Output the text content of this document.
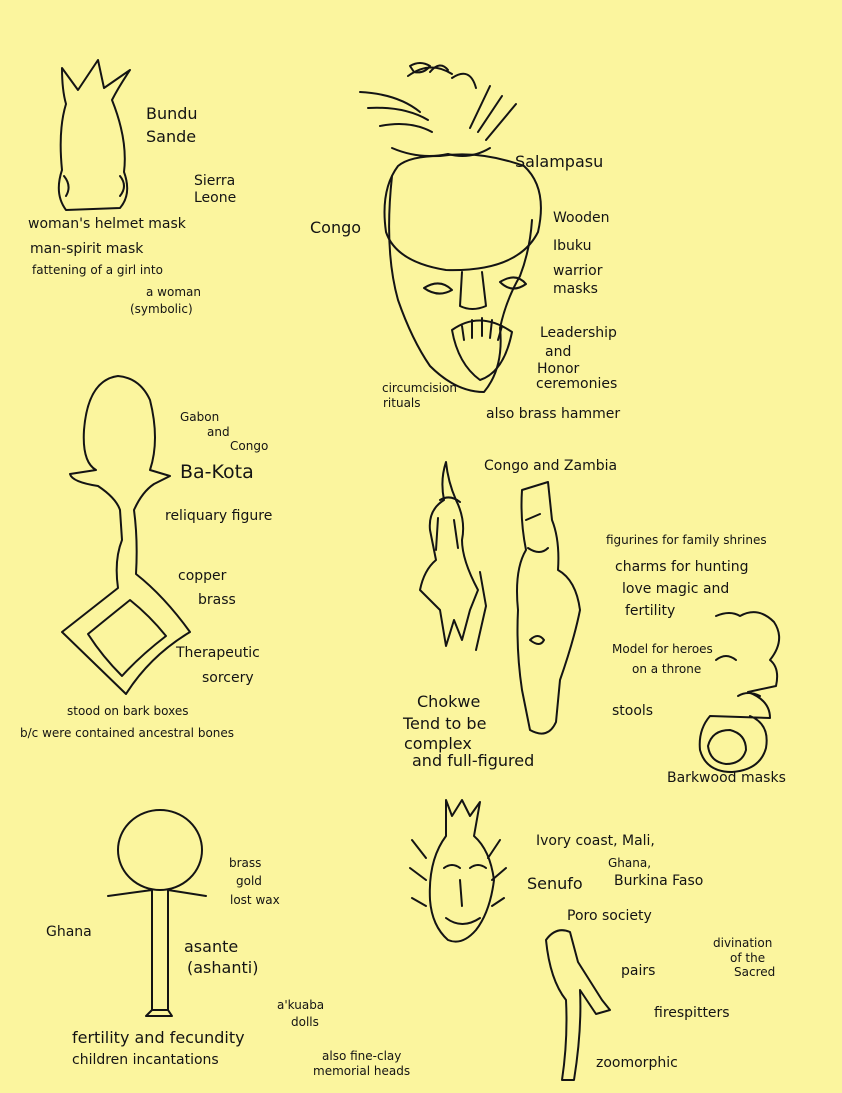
Bundu
Sande
Sierra
Leone
woman's helmet mask
man-spirit mask
fattening of a girl into
a woman
(symbolic)
Salampasu
Congo	Wooden
Ibuku
warrior
masks
Leadership
and
Honor
ceremonies
circumcision
rituals
also brass hammer
Gabon
and
Congo
Ba-Kota
reliquary figure
copper
brass
Therapeutic
sorcery
stood on bark boxes
b/c were contained ancestral bones
Congo and Zambia
figurines for family shrines
charms for hunting
love magic and
fertility
Model for heroes
on a throne
stools
Chokwe
Tend to be
complex
and full-figured
Barkwood masks
brass
gold
lost wax
Ghana
asante
(ashanti)
a'kuaba
dolls
fertility and fecundity
children incantations	also fine-clay
memorial heads
Ivory coast, Mali,
Ghana,
Burkina Faso
Senufo
Poro society
divination
of the
Sacred
pairs
firespitters
zoomorphic
